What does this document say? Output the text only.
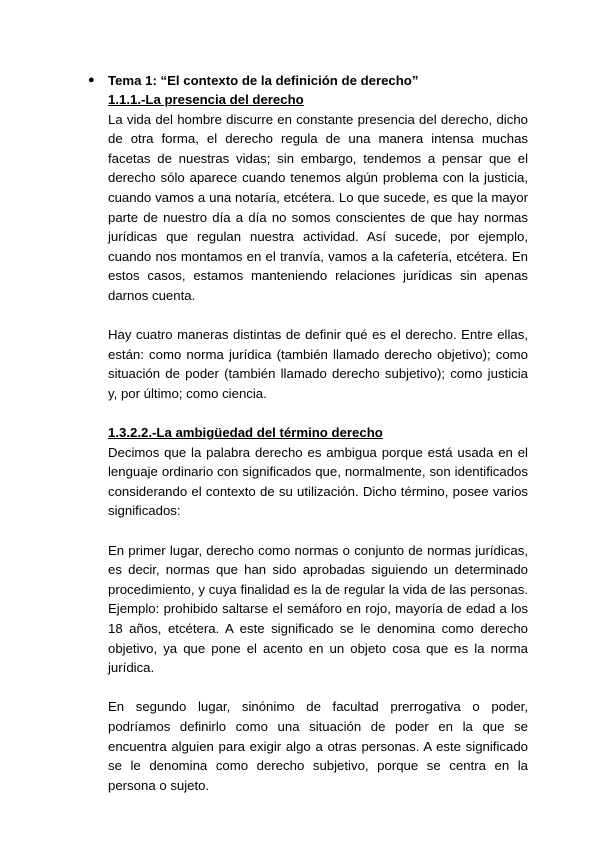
●	Tema 1: “El contexto de la definición de derecho”

1.1.1.-La presencia del derecho

La vida del hombre discurre en constante presencia del derecho, dicho de otra forma, el derecho regula de una manera intensa muchas facetas de nuestras vidas; sin embargo, tendemos a pensar que el derecho sólo aparece cuando tenemos algún problema con la justicia, cuando vamos a una notaría, etcétera. Lo que sucede, es que la mayor parte de nuestro día a día no somos conscientes de que hay normas jurídicas que regulan nuestra actividad. Así sucede, por ejemplo, cuando nos montamos en el tranvía, vamos a la cafetería, etcétera. En estos casos, estamos manteniendo relaciones jurídicas sin apenas darnos cuenta.

Hay cuatro maneras distintas de definir qué es el derecho. Entre ellas, están: como norma jurídica (también llamado derecho objetivo); como situación de poder (también llamado derecho subjetivo); como justicia y, por último; como ciencia.

1.3.2.2.-La ambigüedad del término derecho

Decimos que la palabra derecho es ambigua porque está usada en el lenguaje ordinario con significados que, normalmente, son identificados considerando el contexto de su utilización. Dicho término, posee varios significados:

En primer lugar, derecho como normas o conjunto de normas jurídicas, es decir, normas que han sido aprobadas siguiendo un determinado procedimiento, y cuya finalidad es la de regular la vida de las personas. Ejemplo: prohibido saltarse el semáforo en rojo, mayoría de edad a los 18 años, etcétera. A este significado se le denomina como derecho objetivo, ya que pone el acento en un objeto cosa que es la norma jurídica.

En segundo lugar, sinónimo de facultad prerrogativa o poder, podríamos definirlo como una situación de poder en la que se encuentra alguien para exigir algo a otras personas. A este significado se le denomina como derecho subjetivo, porque se centra en la persona o sujeto.
